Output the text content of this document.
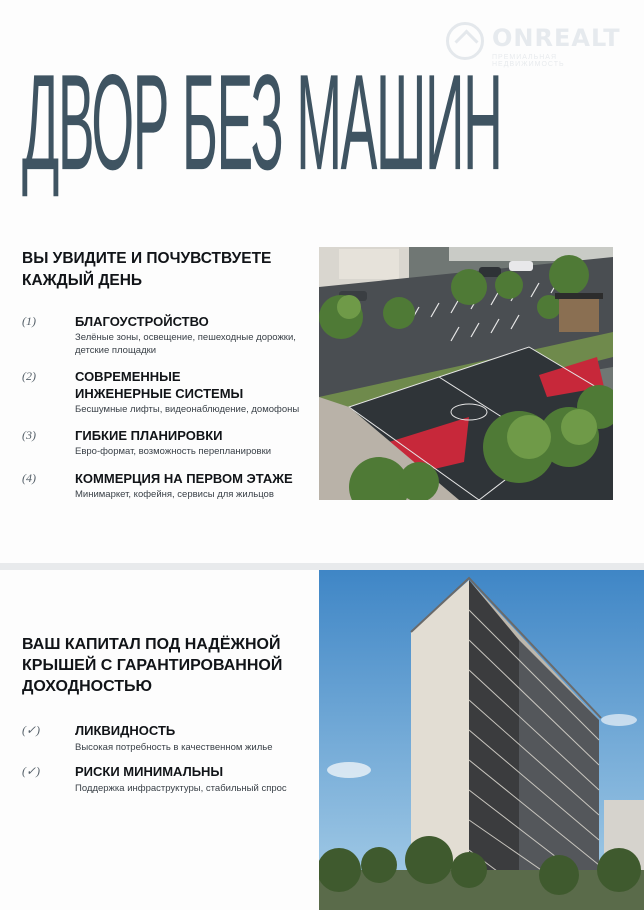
ONREALT
ПРЕМИАЛЬНАЯ НЕДВИЖИМОСТЬ
ДВОР БЕЗ МАШИН
ВЫ УВИДИТЕ И ПОЧУВСТВУЕТЕ КАЖДЫЙ ДЕНЬ
(1)	БЛАГОУСТРОЙСТВО
Зелёные зоны, освещение, пешеходные дорожки, детские площадки
(2)	СОВРЕМЕННЫЕ ИНЖЕНЕРНЫЕ СИСТЕМЫ
Бесшумные лифты, видеонаблюдение, домофоны
(3)	ГИБКИЕ ПЛАНИРОВКИ
Евро-формат, возможность перепланировки
(4)	КОММЕРЦИЯ НА ПЕРВОМ ЭТАЖЕ
Минимаркет, кофейня, сервисы для жильцов
ВАШ КАПИТАЛ ПОД НАДЁЖНОЙ КРЫШЕЙ С ГАРАНТИРОВАННОЙ ДОХОДНОСТЬЮ
(✓)	ЛИКВИДНОСТЬ
Высокая потребность в качественном жилье
(✓)	РИСКИ МИНИМАЛЬНЫ
Поддержка инфраструктуры, стабильный спрос
